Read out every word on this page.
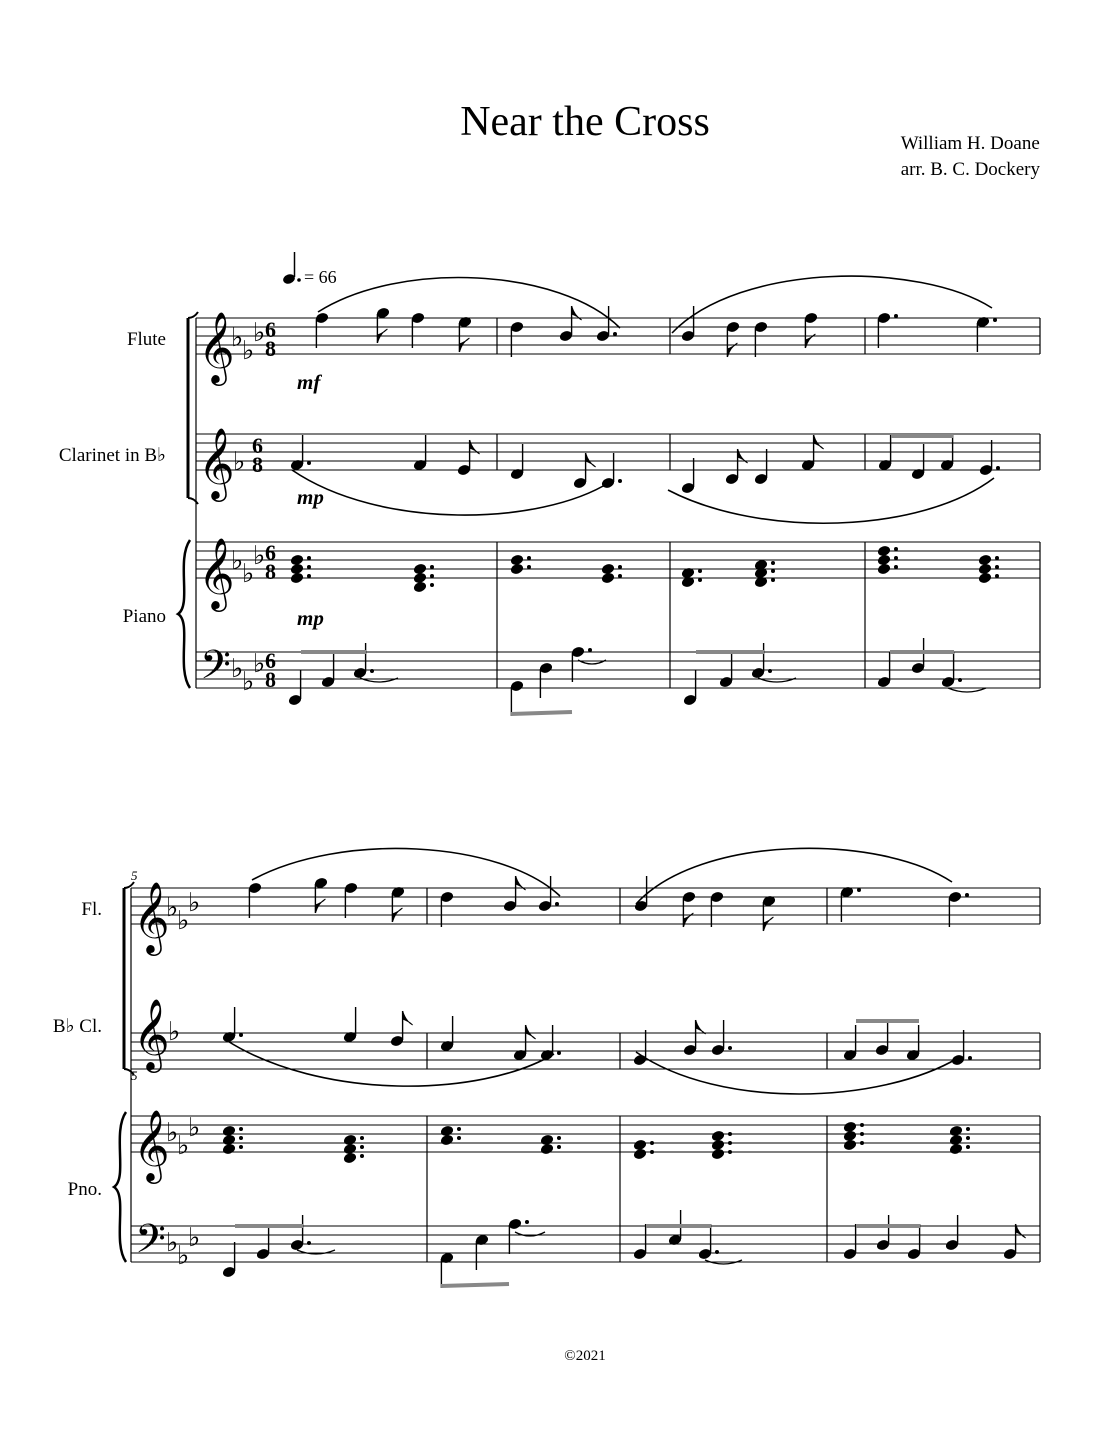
Near the Cross	William H. Doane
arr. B. C. Dockery
= 66
Flute
Clarinet in B♭
Piano
𝄞
𝄞
𝄞
𝄢
♭
♭
♭
♭
♭
♭
♭
♭
♭
♭
6
8
6
8
6
8
6
8
mf
mp
mp
5
5
Fl.
B♭ Cl.
Pno.
𝄞
𝄞
𝄞
𝄢
♭
♭
♭
♭
♭
♭
♭
♭
♭
♭
©2021
